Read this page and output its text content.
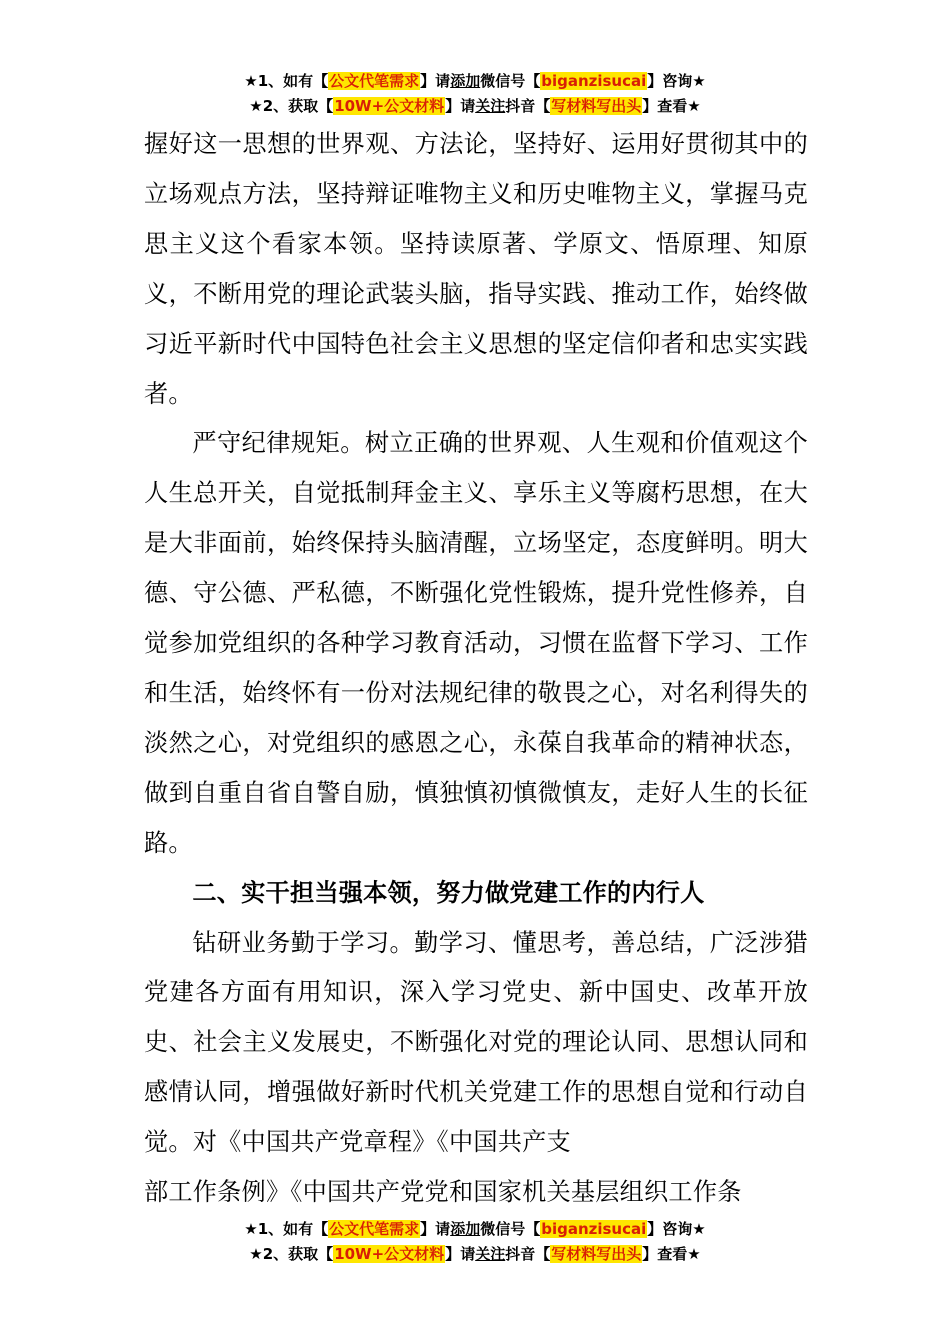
★1、如有【公文代笔需求】请添加微信号【biganzisucai】咨询★
★2、获取【10W+公文材料】请关注抖音【写材料写出头】查看★

握好这一思想的世界观、方法论，坚持好、运用好贯彻其中的立场观点方法，坚持辩证唯物主义和历史唯物主义，掌握马克思主义这个看家本领。坚持读原著、学原文、悟原理、知原义，不断用党的理论武装头脑，指导实践、推动工作，始终做习近平新时代中国特色社会主义思想的坚定信仰者和忠实实践者。

严守纪律规矩。树立正确的世界观、人生观和价值观这个人生总开关，自觉抵制拜金主义、享乐主义等腐朽思想，在大是大非面前，始终保持头脑清醒，立场坚定，态度鲜明。明大德、守公德、严私德，不断强化党性锻炼，提升党性修养，自觉参加党组织的各种学习教育活动，习惯在监督下学习、工作和生活，始终怀有一份对法规纪律的敬畏之心，对名利得失的淡然之心，对党组织的感恩之心，永葆自我革命的精神状态，做到自重自省自警自励，慎独慎初慎微慎友，走好人生的长征路。

二、实干担当强本领，努力做党建工作的内行人

钻研业务勤于学习。勤学习、懂思考，善总结，广泛涉猎党建各方面有用知识，深入学习党史、新中国史、改革开放史、社会主义发展史，不断强化对党的理论认同、思想认同和感情认同，增强做好新时代机关党建工作的思想自觉和行动自觉。对《中国共产党章程》《中国共产支

部工作条例》《中国共产党党和国家机关基层组织工作条

★1、如有【公文代笔需求】请添加微信号【biganzisucai】咨询★
★2、获取【10W+公文材料】请关注抖音【写材料写出头】查看★
